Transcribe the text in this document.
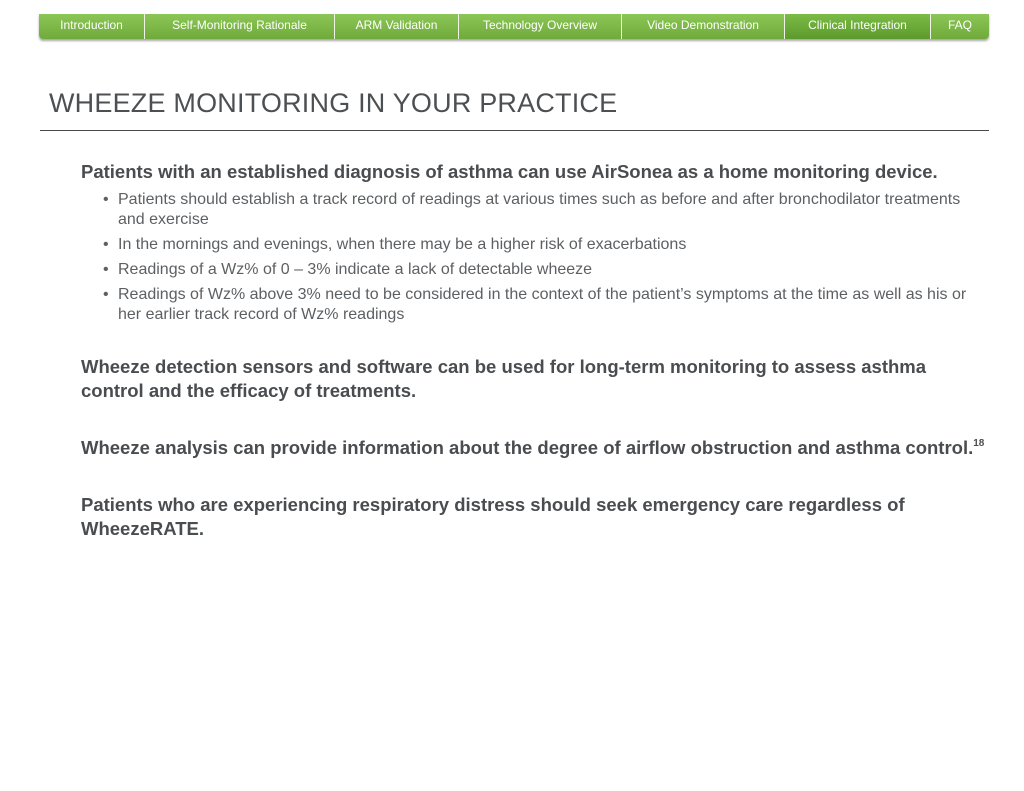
Introduction	Self-Monitoring Rationale	ARM Validation	Technology Overview	Video Demonstration	Clinical Integration	FAQ
WHEEZE MONITORING IN YOUR PRACTICE

Patients with an established diagnosis of asthma can use AirSonea as a home monitoring device.

• Patients should establish a track record of readings at various times such as before and after bronchodilator treatments and exercise
• In the mornings and evenings, when there may be a higher risk of exacerbations
• Readings of a Wz% of 0 – 3% indicate a lack of detectable wheeze
• Readings of Wz% above 3% need to be considered in the context of the patient’s symptoms at the time as well as his or her earlier track record of Wz% readings

Wheeze detection sensors and software can be used for long-term monitoring to assess asthma control and the efficacy of treatments.

Wheeze analysis can provide information about the degree of airflow obstruction and asthma control.$^{18}$

Patients who are experiencing respiratory distress should seek emergency care regardless of WheezeRATE.
